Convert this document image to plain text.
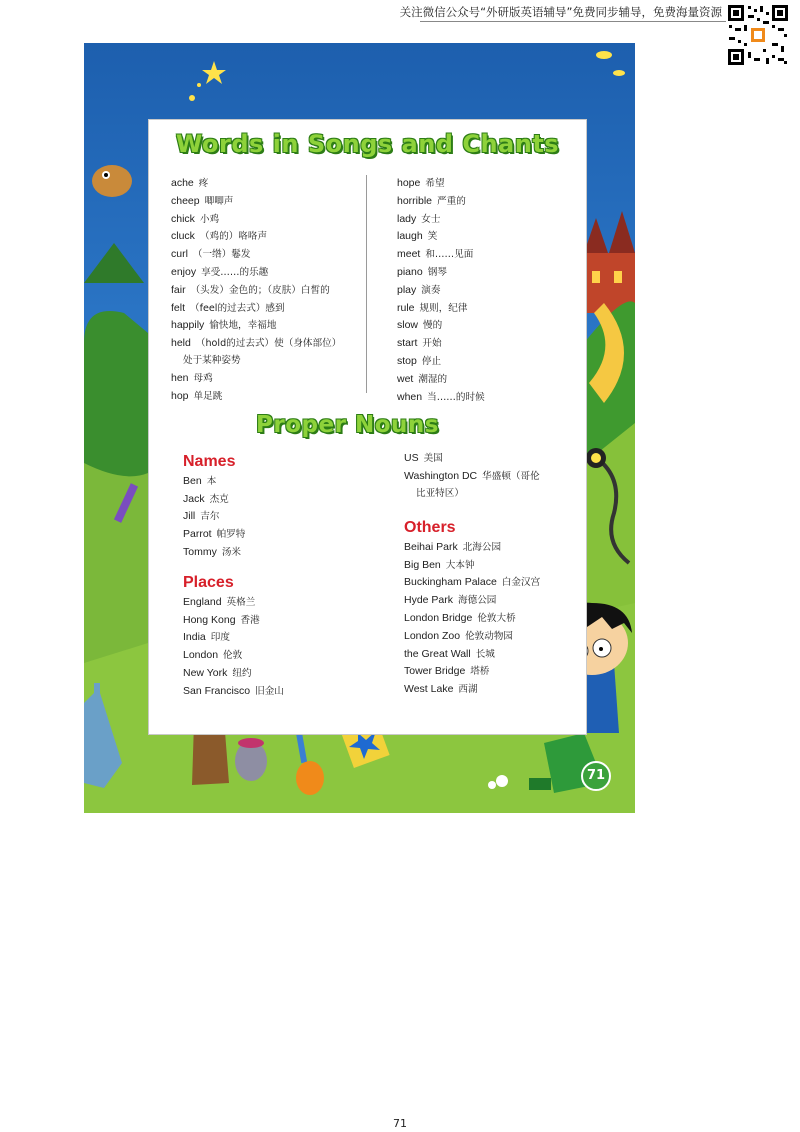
关注微信公众号“外研版英语辅导”免费同步辅导，免费海量资源
Words in Songs and Chants
ache 疼
cheep 唧唧声
chick 小鸡
cluck （鸡的）咯咯声
curl （一绺）鬈发
enjoy 享受……的乐趣
fair （头发）金色的；（皮肤）白皙的
felt （feel的过去式）感到
happily 愉快地，幸福地
held （hold的过去式）使（身体部位）
处于某种姿势
hen 母鸡
hop 单足跳
hope 希望
horrible 严重的
lady 女士
laugh 笑
meet 和……见面
piano 钢琴
play 演奏
rule 规则，纪律
slow 慢的
start 开始
stop 停止
wet 潮湿的
when 当……的时候
Proper Nouns
Names
Ben 本
Jack 杰克
Jill 吉尔
Parrot 帕罗特
Tommy 汤米
Places
England 英格兰
Hong Kong 香港
India 印度
London 伦敦
New York 纽约
San Francisco 旧金山
US 美国
Washington DC 华盛顿（哥伦
比亚特区）
Others
Beihai Park 北海公园
Big Ben 大本钟
Buckingham Palace 白金汉宫
Hyde Park 海德公园
London Bridge 伦敦大桥
London Zoo 伦敦动物园
the Great Wall 长城
Tower Bridge 塔桥
West Lake 西湖
71
71
